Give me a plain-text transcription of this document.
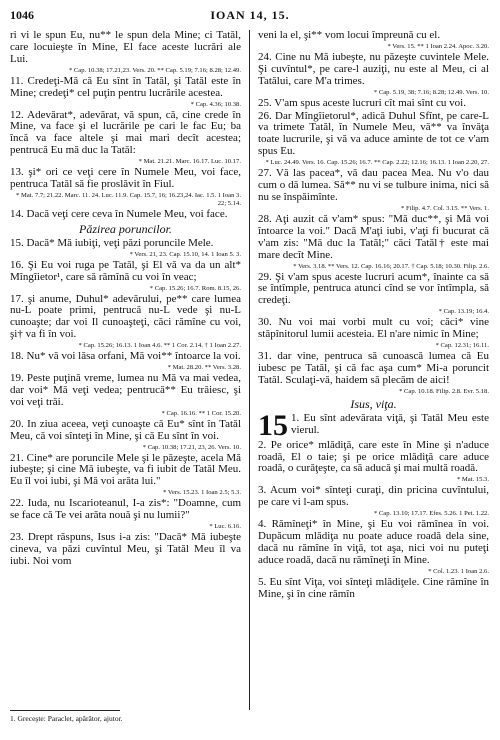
1046	IOAN 14, 15.
ri vi le spun Eu, nu** le spun dela Mine; ci Tatăl, care locuieşte în Mine, El face aceste lucrări ale Lui.
* Cap. 10.38; 17.21,23. Vers. 20. ** Cap. 5.19; 7.16; 8.28; 12.49.
11. Credeţi-Mă că Eu sînt în Tatăl, şi Tatăl este în Mine; credeţi* cel puţin pentru lucrările acestea.
* Cap. 4.36; 10.38.
12. Adevărat*, adevărat, vă spun, că, cine crede în Mine, va face şi el lucrările pe cari le fac Eu; ba încă va face altele şi mai mari decît acestea; pentrucă Eu mă duc la Tatăl:
* Mat. 21.21. Marc. 16.17. Luc. 10.17.
13. şi* ori ce veţi cere în Numele Meu, voi face, pentruca Tatăl să fie proslăvit în Fiul.
* Mat. 7.7; 21.22. Marc. 11. 24. Luc. 11.9. Cap. 15.7, 16; 16.23,24. Iac. 1.5. 1 Ioan 3. 22; 5.14.
14. Dacă veţi cere ceva în Numele Meu, voi face.
Păzirea poruncilor.
15. Dacă* Mă iubiţi, veţi păzi poruncile Mele.
* Vers. 21, 23. Cap. 15.10, 14. 1 Ioan 5. 3.
16. Şi Eu voi ruga pe Tatăl, şi El vă va da un alt* Mîngîietor¹, care să rămînă cu voi în veac;
* Cap. 15.26; 16.7. Rom. 8.15, 26.
17. şi anume, Duhul* adevărului, pe** care lumea nu-L poate primi, pentrucă nu-L vede şi nu-L cunoaşte; dar voi Il cunoaşteţi, căci rămîne cu voi, şi† va fi în voi.
* Cap. 15.26; 16.13. 1 Ioan 4.6. ** 1 Cor. 2.14. † 1 Ioan 2.27.
18. Nu* vă voi lăsa orfani, Mă voi** întoarce la voi.
* Mat. 28.20. ** Vers. 3.28.
19. Peste puţină vreme, lumea nu Mă va mai vedea, dar voi* Mă veţi vedea; pentrucă** Eu trăiesc, şi voi veţi trăi.
* Cap. 16.16. ** 1 Cor. 15.20.
20. In ziua aceea, veţi cunoaşte că Eu* sînt în Tatăl Meu, că voi sînteţi în Mine, şi că Eu sînt în voi.
* Cap. 10.38; 17.21, 23, 26. Vers. 10.
21. Cine* are poruncile Mele şi le păzeşte, acela Mă iubeşte; şi cine Mă iubeşte, va fi iubit de Tatăl Meu. Eu îl voi iubi, şi Mă voi arăta lui."
* Vers. 15.23. 1 Ioan 2.5; 5.3.
22. Iuda, nu Iscarioteanul, I-a zis*: "Doamne, cum se face că Te vei arăta nouă şi nu lumii?"
* Luc. 6.16.
23. Drept răspuns, Isus i-a zis: "Dacă* Mă iubeşte cineva, va păzi cuvîntul Meu, şi Tatăl Meu îl va iubi. Noi vom
veni la el, şi** vom locui împreună cu el.
* Vers. 15. ** 1 Ioan 2.24. Apoc. 3.20.
24. Cine nu Mă iubeşte, nu păzeşte cuvintele Mele. Şi cuvîntul*, pe care-l auziţi, nu este al Meu, ci al Tatălui, care M'a trimes.
* Cap. 5.19, 38; 7.16; 8.28; 12.49. Vers. 10.
25. V'am spus aceste lucruri cît mai sînt cu voi.
26. Dar Mîngîietorul*, adică Duhul Sfînt, pe care-L va trimete Tatăl, în Numele Meu, vă** va învăţa toate lucrurile, şi vă va aduce aminte de tot ce v'am spus Eu.
* Luc. 24.49. Vers. 16. Cap. 15.26; 16.7. ** Cap. 2.22; 12.16; 16.13. 1 Ioan 2.20, 27.
27. Vă las pacea*, vă dau pacea Mea. Nu v'o dau cum o dă lumea. Să** nu vi se tulbure inima, nici să nu se înspăimînte.
* Filip. 4.7. Col. 3.15. ** Vers. 1.
28. Aţi auzit că v'am* spus: "Mă duc**, şi Mă voi întoarce la voi." Dacă M'aţi iubi, v'aţi fi bucurat că v'am zis: "Mă duc la Tatăl;" căci Tatăl† este mai mare decît Mine.
* Vers. 3.18. ** Vers. 12. Cap. 16.16; 20.17. † Cap. 5.18; 10.30. Filip. 2.6.
29. Şi v'am spus aceste lucruri acum*, înainte ca să se întîmple, pentruca atunci cînd se vor întîmpla, să credeţi.
* Cap. 13.19; 16.4.
30. Nu voi mai vorbi mult cu voi; căci* vine stăpînitorul lumii acesteia. El n'are nimic în Mine;
* Cap. 12.31; 16.11.
31. dar vine, pentruca să cunoască lumea că Eu iubesc pe Tatăl, şi că fac aşa cum* Mi-a poruncit Tatăl. Sculaţi-vă, haidem să plecăm de aici!
* Cap. 10.18. Filip. 2.8. Evr. 5.18.
Isus, viţa.
15 1. Eu sînt adevărata viţă, şi Tatăl Meu este vierul.
2. Pe orice* mlădiţă, care este în Mine şi n'aduce roadă, El o taie; şi pe orice mlădiţă care aduce roadă, o curăţeşte, ca să aducă şi mai multă roadă.
* Mat. 15.3.
3. Acum voi* sînteţi curaţi, din pricina cuvîntului, pe care vi l-am spus.
* Cap. 13.10; 17.17. Efes. 5.26. 1 Pet. 1.22.
4. Rămîneţi* în Mine, şi Eu voi rămînea în voi. Dupăcum mlădiţa nu poate aduce roadă dela sine, dacă nu rămîne în viţă, tot aşa, nici voi nu puteţi aduce roadă, dacă nu rămîneţi în Mine.
* Col. 1.23. 1 Ioan 2.6.
5. Eu sînt Viţa, voi sînteţi mlădiţele. Cine rămîne în Mine, şi în cine rămîn
1. Greceşte: Paraclet, apărător, ajutor.
